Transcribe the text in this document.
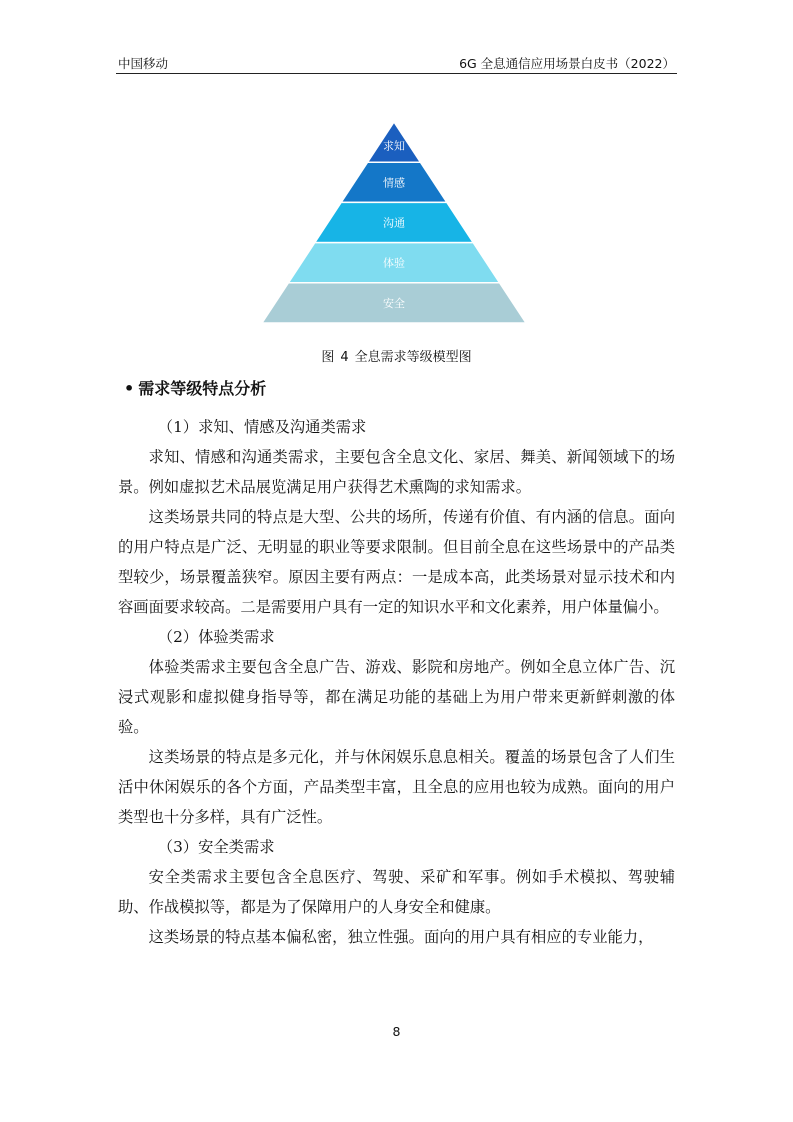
中国移动	6G 全息通信应用场景白皮书（2022）
求知
情感
沟通
体验
安全
图 4 全息需求等级模型图
• 需求等级特点分析

（1）求知、情感及沟通类需求

求知、情感和沟通类需求，主要包含全息文化、家居、舞美、新闻领域下的场景。例如虚拟艺术品展览满足用户获得艺术熏陶的求知需求。

这类场景共同的特点是大型、公共的场所，传递有价值、有内涵的信息。面向的用户特点是广泛、无明显的职业等要求限制。但目前全息在这些场景中的产品类型较少，场景覆盖狭窄。原因主要有两点：一是成本高，此类场景对显示技术和内容画面要求较高。二是需要用户具有一定的知识水平和文化素养，用户体量偏小。

（2）体验类需求

体验类需求主要包含全息广告、游戏、影院和房地产。例如全息立体广告、沉浸式观影和虚拟健身指导等，都在满足功能的基础上为用户带来更新鲜刺激的体验。

这类场景的特点是多元化，并与休闲娱乐息息相关。覆盖的场景包含了人们生活中休闲娱乐的各个方面，产品类型丰富，且全息的应用也较为成熟。面向的用户类型也十分多样，具有广泛性。

（3）安全类需求

安全类需求主要包含全息医疗、驾驶、采矿和军事。例如手术模拟、驾驶辅助、作战模拟等，都是为了保障用户的人身安全和健康。

这类场景的特点基本偏私密，独立性强。面向的用户具有相应的专业能力，

8
